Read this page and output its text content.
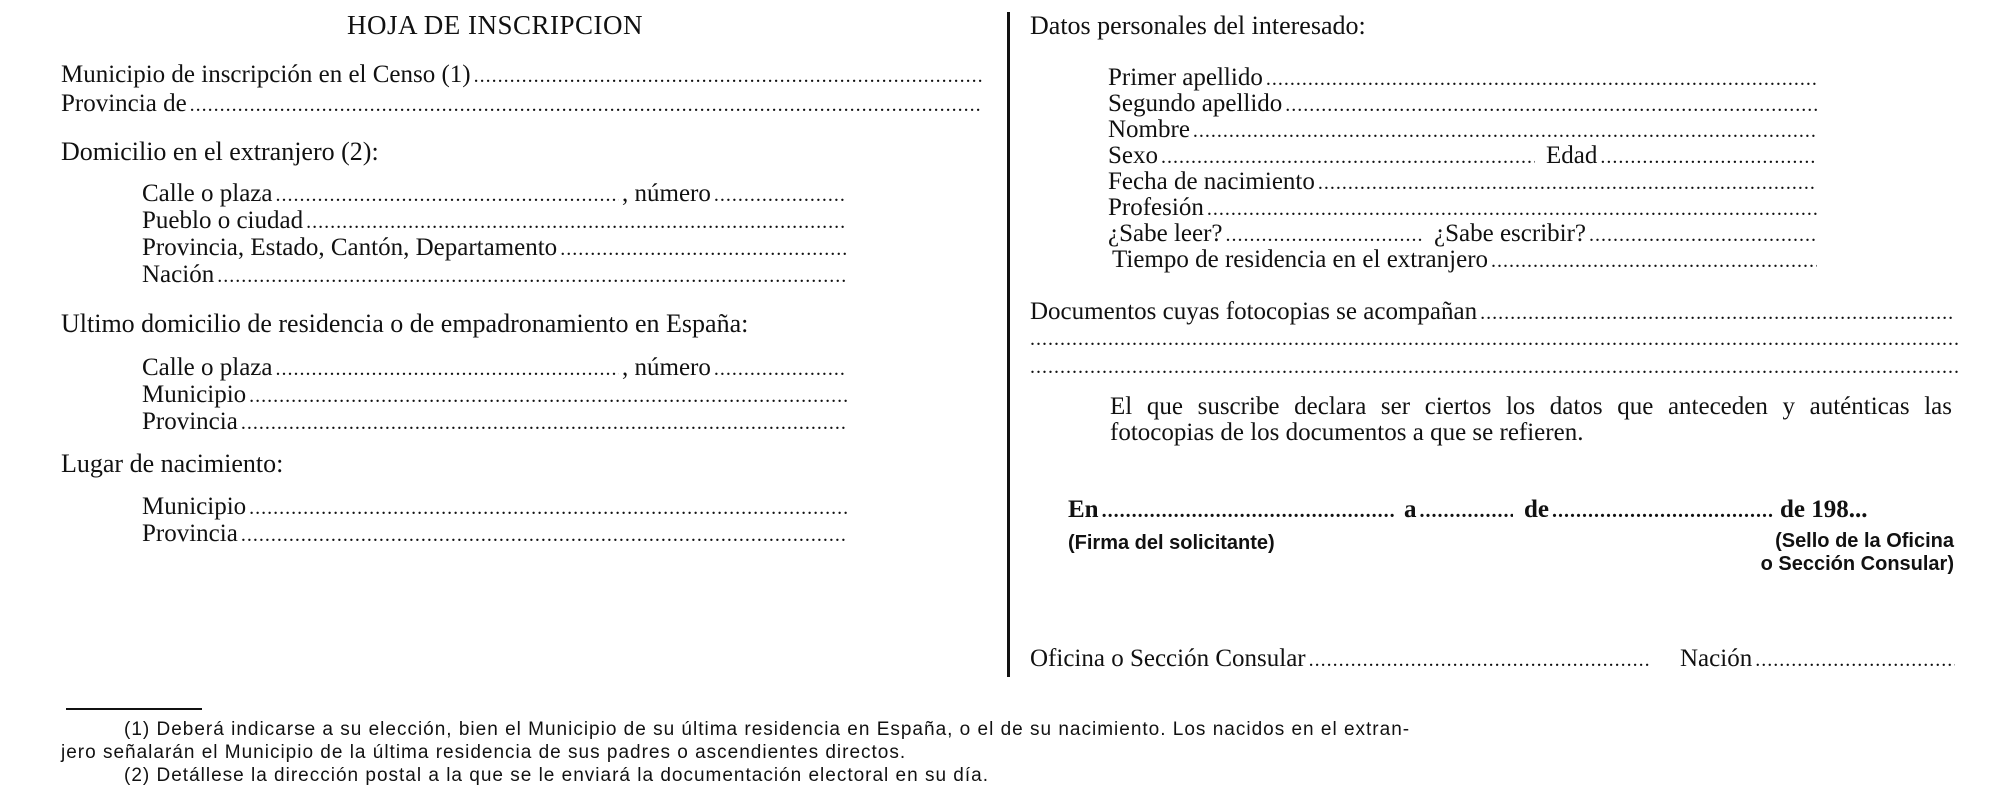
HOJA DE INSCRIPCION
Municipio de inscripción en el Censo (1)
.....
Provincia de
.....
Domicilio en el extranjero (2):
Calle o plaza .....	, número
.....
Pueblo o ciudad
.....
Provincia, Estado, Cantón, Departamento
.....
Nación
.....
Ultimo domicilio de residencia o de empadronamiento en España:
Calle o plaza .....	, número
.....
Municipio
.....
Provincia
.....
Lugar de nacimiento:
Municipio
.....
Provincia
.....
Datos personales del interesado:
Primer apellido
.....
Segundo apellido
.....
Nombre
.....
Sexo .....	Edad
.....
Fecha de nacimiento
.....
Profesión
.....
¿Sabe leer? .....	¿Sabe escribir?
.....
Tiempo de residencia en el extranjero
.....
Documentos cuyas fotocopias se acompañan
.....
.....
.....
El que suscribe declara ser ciertos los datos que anteceden y auténticas las fotocopias de los documentos a que se refieren.
En .....	a .....	de .....	de 198...
(Firma del solicitante)	(Sello de la Oficina
o Sección Consular)
Oficina o Sección Consular .....	Nación
.....
(1) Deberá indicarse a su elección, bien el Municipio de su última residencia en España, o el de su nacimiento. Los nacidos en el extran-
jero señalarán el Municipio de la última residencia de sus padres o ascendientes directos.
(2) Detállese la dirección postal a la que se le enviará la documentación electoral en su día.
